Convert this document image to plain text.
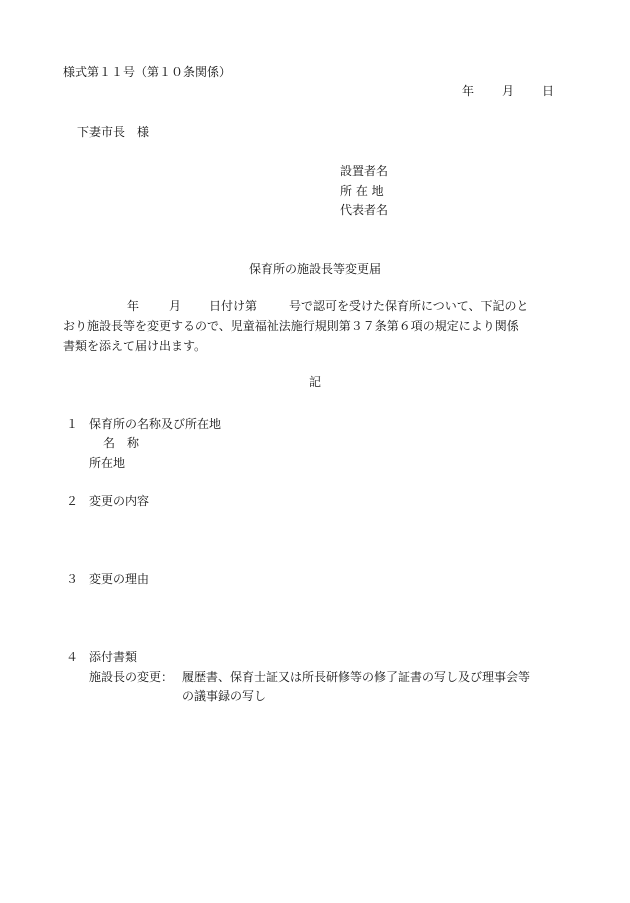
様式第１１号（第１０条関係）
年 月 日
下妻市長　様
設置者名
所 在 地
代表者名
保育所の施設長等変更届
年 月 日付け第	号で認可を受けた保育所について、下記のと
おり施設長等を変更するので、児童福祉法施行規則第３７条第６項の規定により関係
書類を添えて届け出ます。
記
１ 保育所の名称及び所在地
名　称
所在地
２ 変更の内容
３ 変更の理由
４ 添付書類
施設長の変更： 履歴書、保育士証又は所長研修等の修了証書の写し及び理事会等
の議事録の写し
